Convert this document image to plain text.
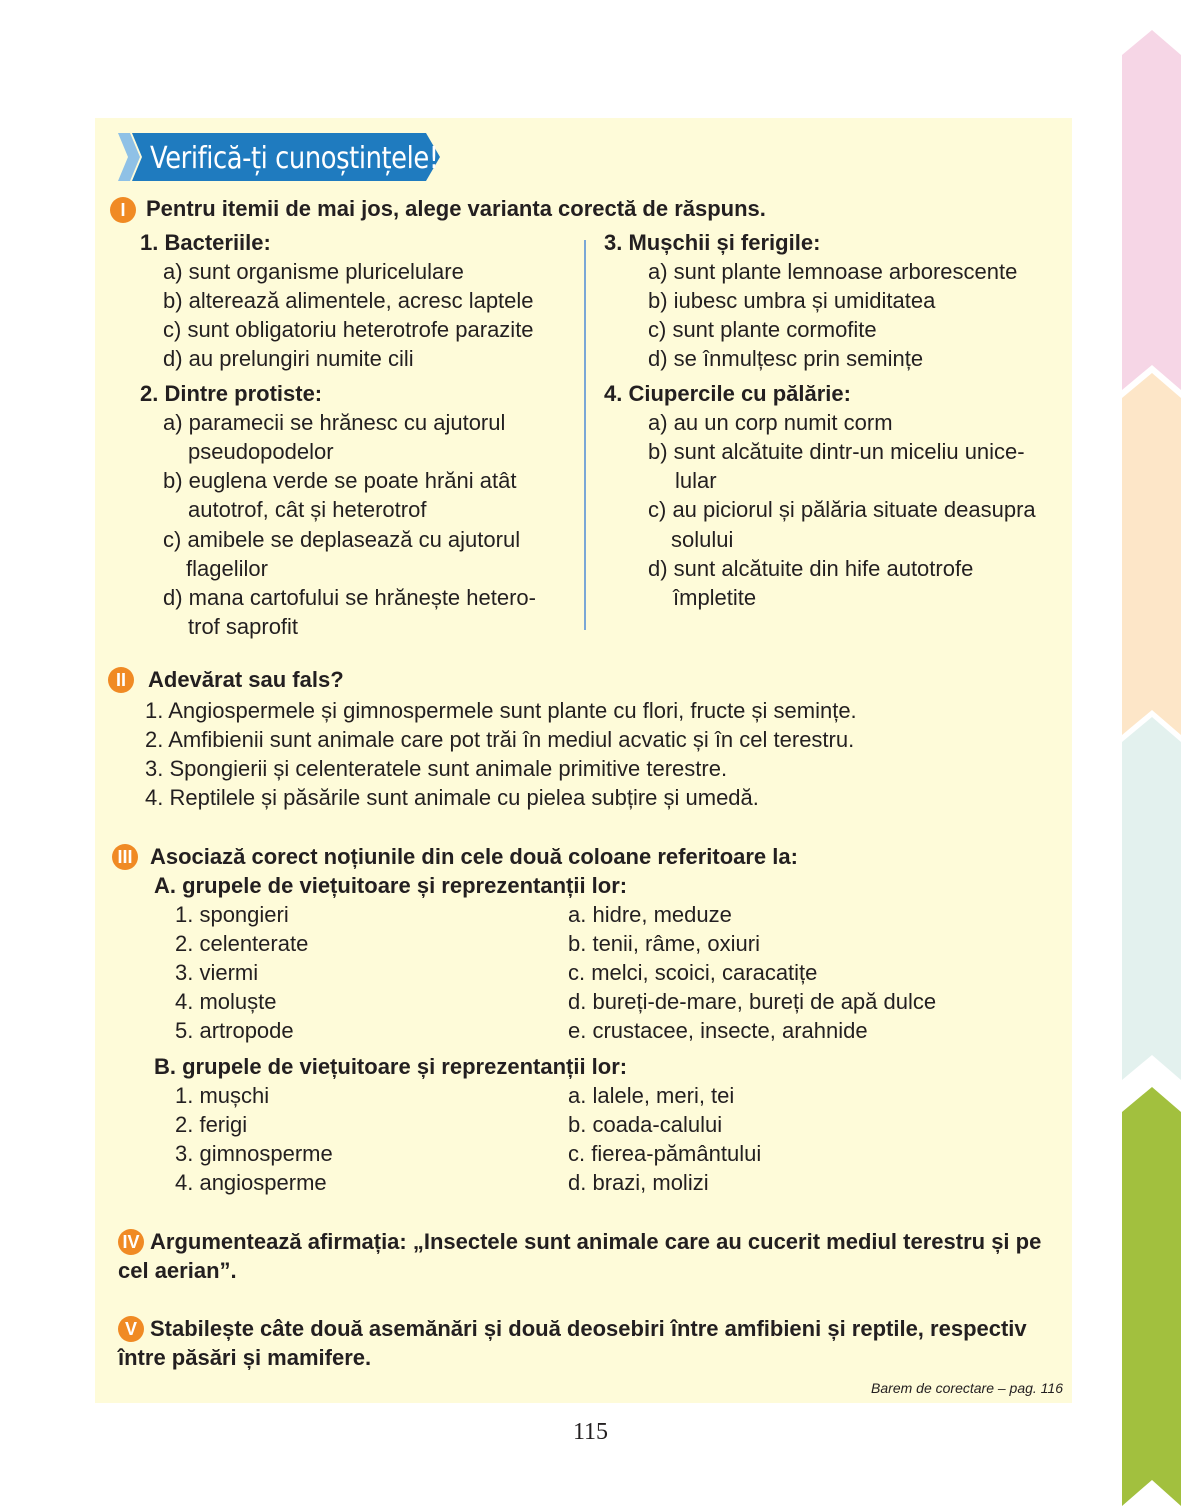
Verifică-ți cunoștințele!
I Pentru itemii de mai jos, alege varianta corectă de răspuns.
1. Bacteriile:
a) sunt organisme pluricelulare
b) alterează alimentele, acresc laptele
c) sunt obligatoriu heterotrofe parazite
d) au prelungiri numite cili
2. Dintre protiste:
a) paramecii se hrănesc cu ajutorul
pseudopodelor
b) euglena verde se poate hrăni atât
autotrof, cât și heterotrof
c) amibele se deplasează cu ajutorul
flagelilor
d) mana cartofului se hrănește hetero-
trof saprofit
3. Mușchii și ferigile:
a) sunt plante lemnoase arborescente
b) iubesc umbra și umiditatea
c) sunt plante cormofite
d) se înmulțesc prin semințe
4. Ciupercile cu pălărie:
a) au un corp numit corm
b) sunt alcătuite dintr-un miceliu unice-
lular
c) au piciorul și pălăria situate deasupra
solului
d) sunt alcătuite din hife autotrofe
împletite
II	Adevărat sau fals?
1. Angiospermele și gimnospermele sunt plante cu flori, fructe și semințe.
2. Amfibienii sunt animale care pot trăi în mediul acvatic și în cel terestru.
3. Spongierii și celenteratele sunt animale primitive terestre.
4. Reptilele și păsările sunt animale cu pielea subțire și umedă.
III Asociază corect noțiunile din cele două coloane referitoare la:
A. grupele de viețuitoare și reprezentanții lor:
1. spongieri
2. celenterate
3. viermi
4. moluște
5. artropode
a. hidre, meduze
b. tenii, râme, oxiuri
c. melci, scoici, caracatițe
d. bureți-de-mare, bureți de apă dulce
e. crustacee, insecte, arahnide
B. grupele de viețuitoare și reprezentanții lor:
1. mușchi
2. ferigi
3. gimnosperme
4. angiosperme
a. lalele, meri, tei
b. coada-calului
c. fierea-pământului
d. brazi, molizi
IV Argumentează afirmația: „Insectele sunt animale care au cucerit mediul terestru și pe cel aerian”.
V Stabilește câte două asemănări și două deosebiri între amfibieni și reptile, respectiv între păsări și mamifere.
Barem de corectare – pag. 116
115
